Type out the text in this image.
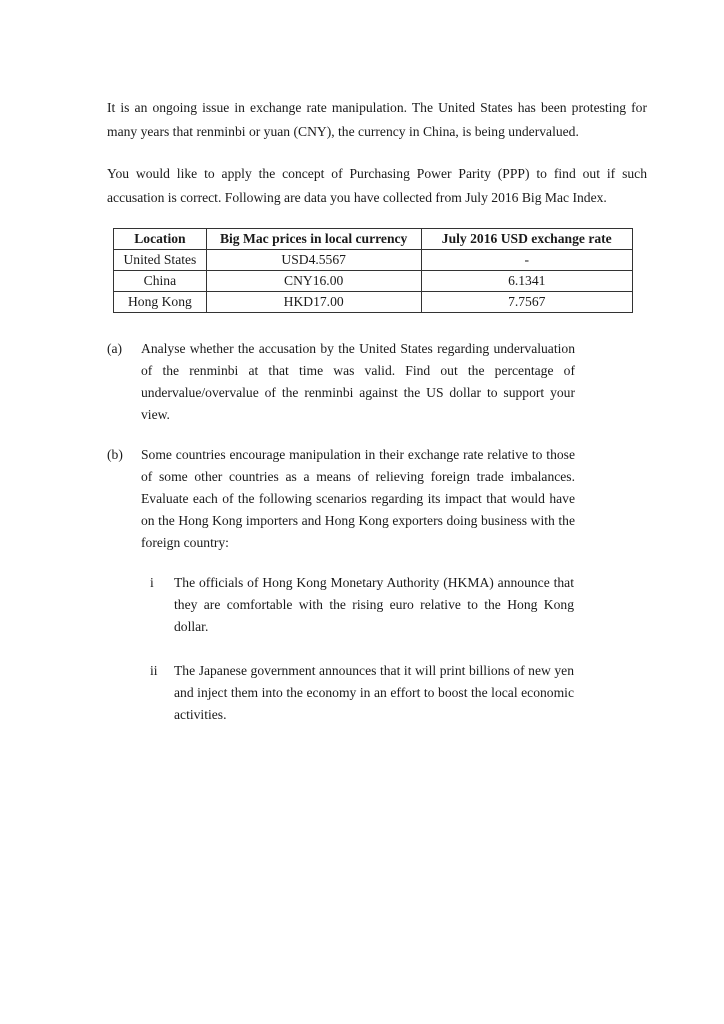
It is an ongoing issue in exchange rate manipulation. The United States has been protesting for many years that renminbi or yuan (CNY), the currency in China, is being undervalued.
You would like to apply the concept of Purchasing Power Parity (PPP) to find out if such accusation is correct. Following are data you have collected from July 2016 Big Mac Index.
Location	Big Mac prices in local currency	July 2016 USD exchange rate
United States	USD4.5567	-
China	CNY16.00	6.1341
Hong Kong	HKD17.00	7.7567
(a) Analyse whether the accusation by the United States regarding undervaluation of the renminbi at that time was valid. Find out the percentage of undervalue/overvalue of the renminbi against the US dollar to support your view.
(b) Some countries encourage manipulation in their exchange rate relative to those of some other countries as a means of relieving foreign trade imbalances. Evaluate each of the following scenarios regarding its impact that would have on the Hong Kong importers and Hong Kong exporters doing business with the foreign country:
i	The officials of Hong Kong Monetary Authority (HKMA) announce that they are comfortable with the rising euro relative to the Hong Kong dollar.
ii	The Japanese government announces that it will print billions of new yen and inject them into the economy in an effort to boost the local economic activities.
